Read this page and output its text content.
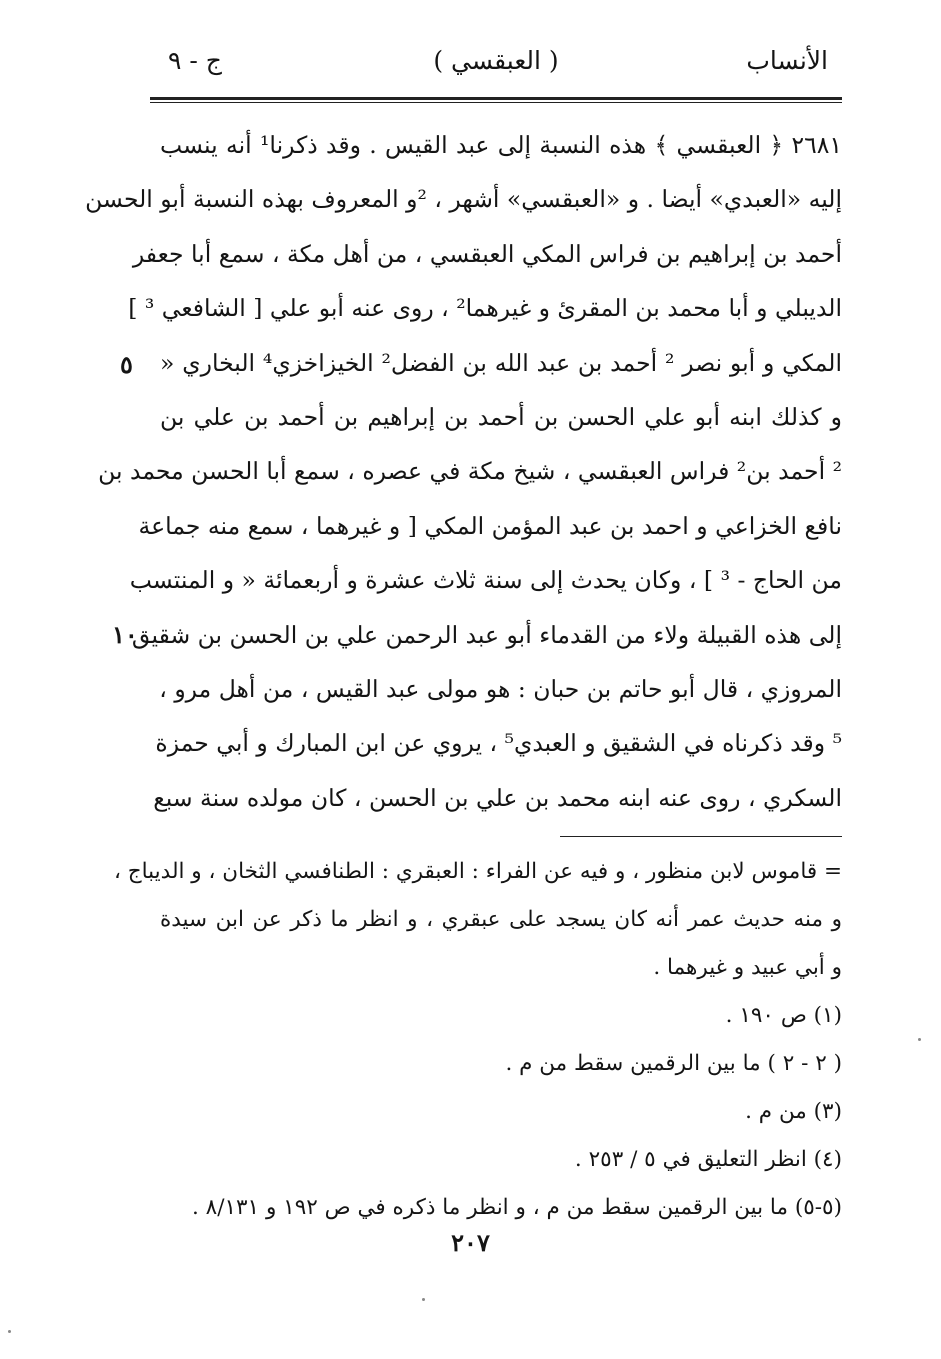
الأنساب
( العبقسي )
ج - ٩
٢٦٨١ ﴿ العبقسي ﴾ هذه النسبة إلى عبد القيس . وقد ذكرنا¹ أنه ينسب
إليه «العبدي» أيضا . و «العبقسي» أشهر ، ²و المعروف بهذه النسبة أبو الحسن
أحمد بن إبراهيم بن فراس المكي العبقسي ، من أهل مكة ، سمع أبا جعفر
الديبلي و أبا محمد بن المقرئ و غيرهما² ، روى عنه أبو علي [ الشافعي ³ ]
المكي و أبو نصر ² أحمد بن عبد الله بن الفضل² الخيزاخزي⁴ البخاري «
و كذلك ابنه أبو علي الحسن بن أحمد بن إبراهيم بن أحمد بن علي بن
² أحمد بن² فراس العبقسي ، شيخ مكة في عصره ، سمع أبا الحسن محمد بن
نافع الخزاعي و احمد بن عبد المؤمن المكي [ و غيرهما ، سمع منه جماعة
من الحاج - ³ ] ، وكان يحدث إلى سنة ثلاث عشرة و أربعمائة « و المنتسب
إلى هذه القبيلة ولاء من القدماء أبو عبد الرحمن علي بن الحسن بن شقيق
المروزي ، قال أبو حاتم بن حبان : هو مولى عبد القيس ، من أهل مرو ،
⁵ وقد ذكرناه في الشقيق و العبدي⁵ ، يروي عن ابن المبارك و أبي حمزة
السكري ، روى عنه ابنه محمد بن علي بن الحسن ، كان مولده سنة سبع
٥
١٠
= قاموس لابن منظور ، و فيه عن الفراء : العبقري : الطنافسي الثخان ، و الديباج ،
و منه حديث عمر أنه كان يسجد على عبقري ، و انظر ما ذكر عن ابن سيدة
و أبي عبيد و غيرهما .
(١) ص ١٩٠ .
( ٢ - ٢ ) ما بين الرقمين سقط من م .
(٣) من م .
(٤) انظر التعليق في ٥ / ٢٥٣ .
(٥-٥) ما بين الرقمين سقط من م ، و انظر ما ذكره في ص ١٩٢ و ٨/١٣١ .
٢٠٧
